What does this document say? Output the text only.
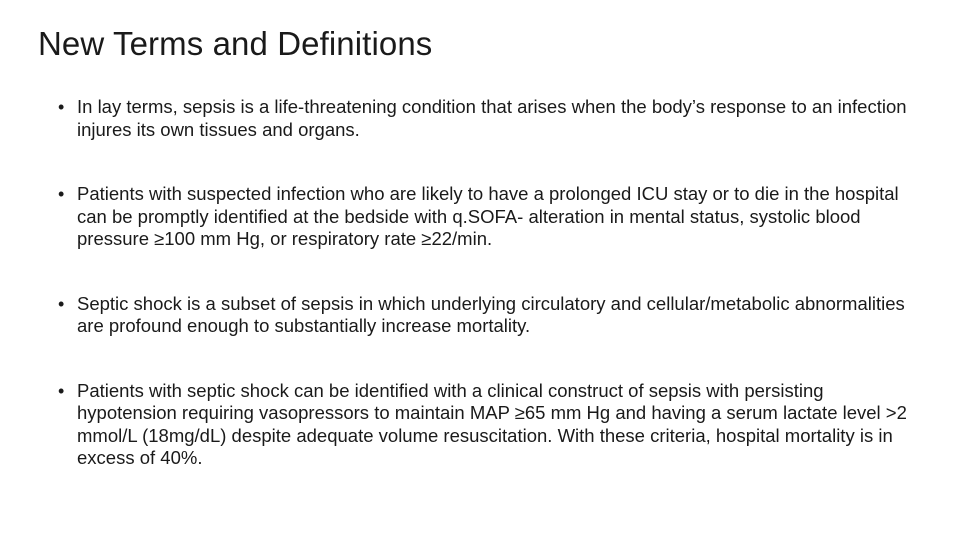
New Terms and Definitions
• In lay terms, sepsis is a life-threatening condition that arises when the body’s response to an infection injures its own tissues and organs.
• Patients with suspected infection who are likely to have a prolonged ICU stay or to die in the hospital can be promptly identified at the bedside with q.SOFA- alteration in mental status, systolic blood pressure ≥100 mm Hg, or respiratory rate ≥22/min.
• Septic shock is a subset of sepsis in which underlying circulatory and cellular/metabolic abnormalities are profound enough to substantially increase mortality.
• Patients with septic shock can be identified with a clinical construct of sepsis with persisting hypotension requiring vasopressors to maintain MAP ≥65 mm Hg and having a serum lactate level >2 mmol/L (18mg/dL) despite adequate volume resuscitation. With these criteria, hospital mortality is in excess of 40%.
